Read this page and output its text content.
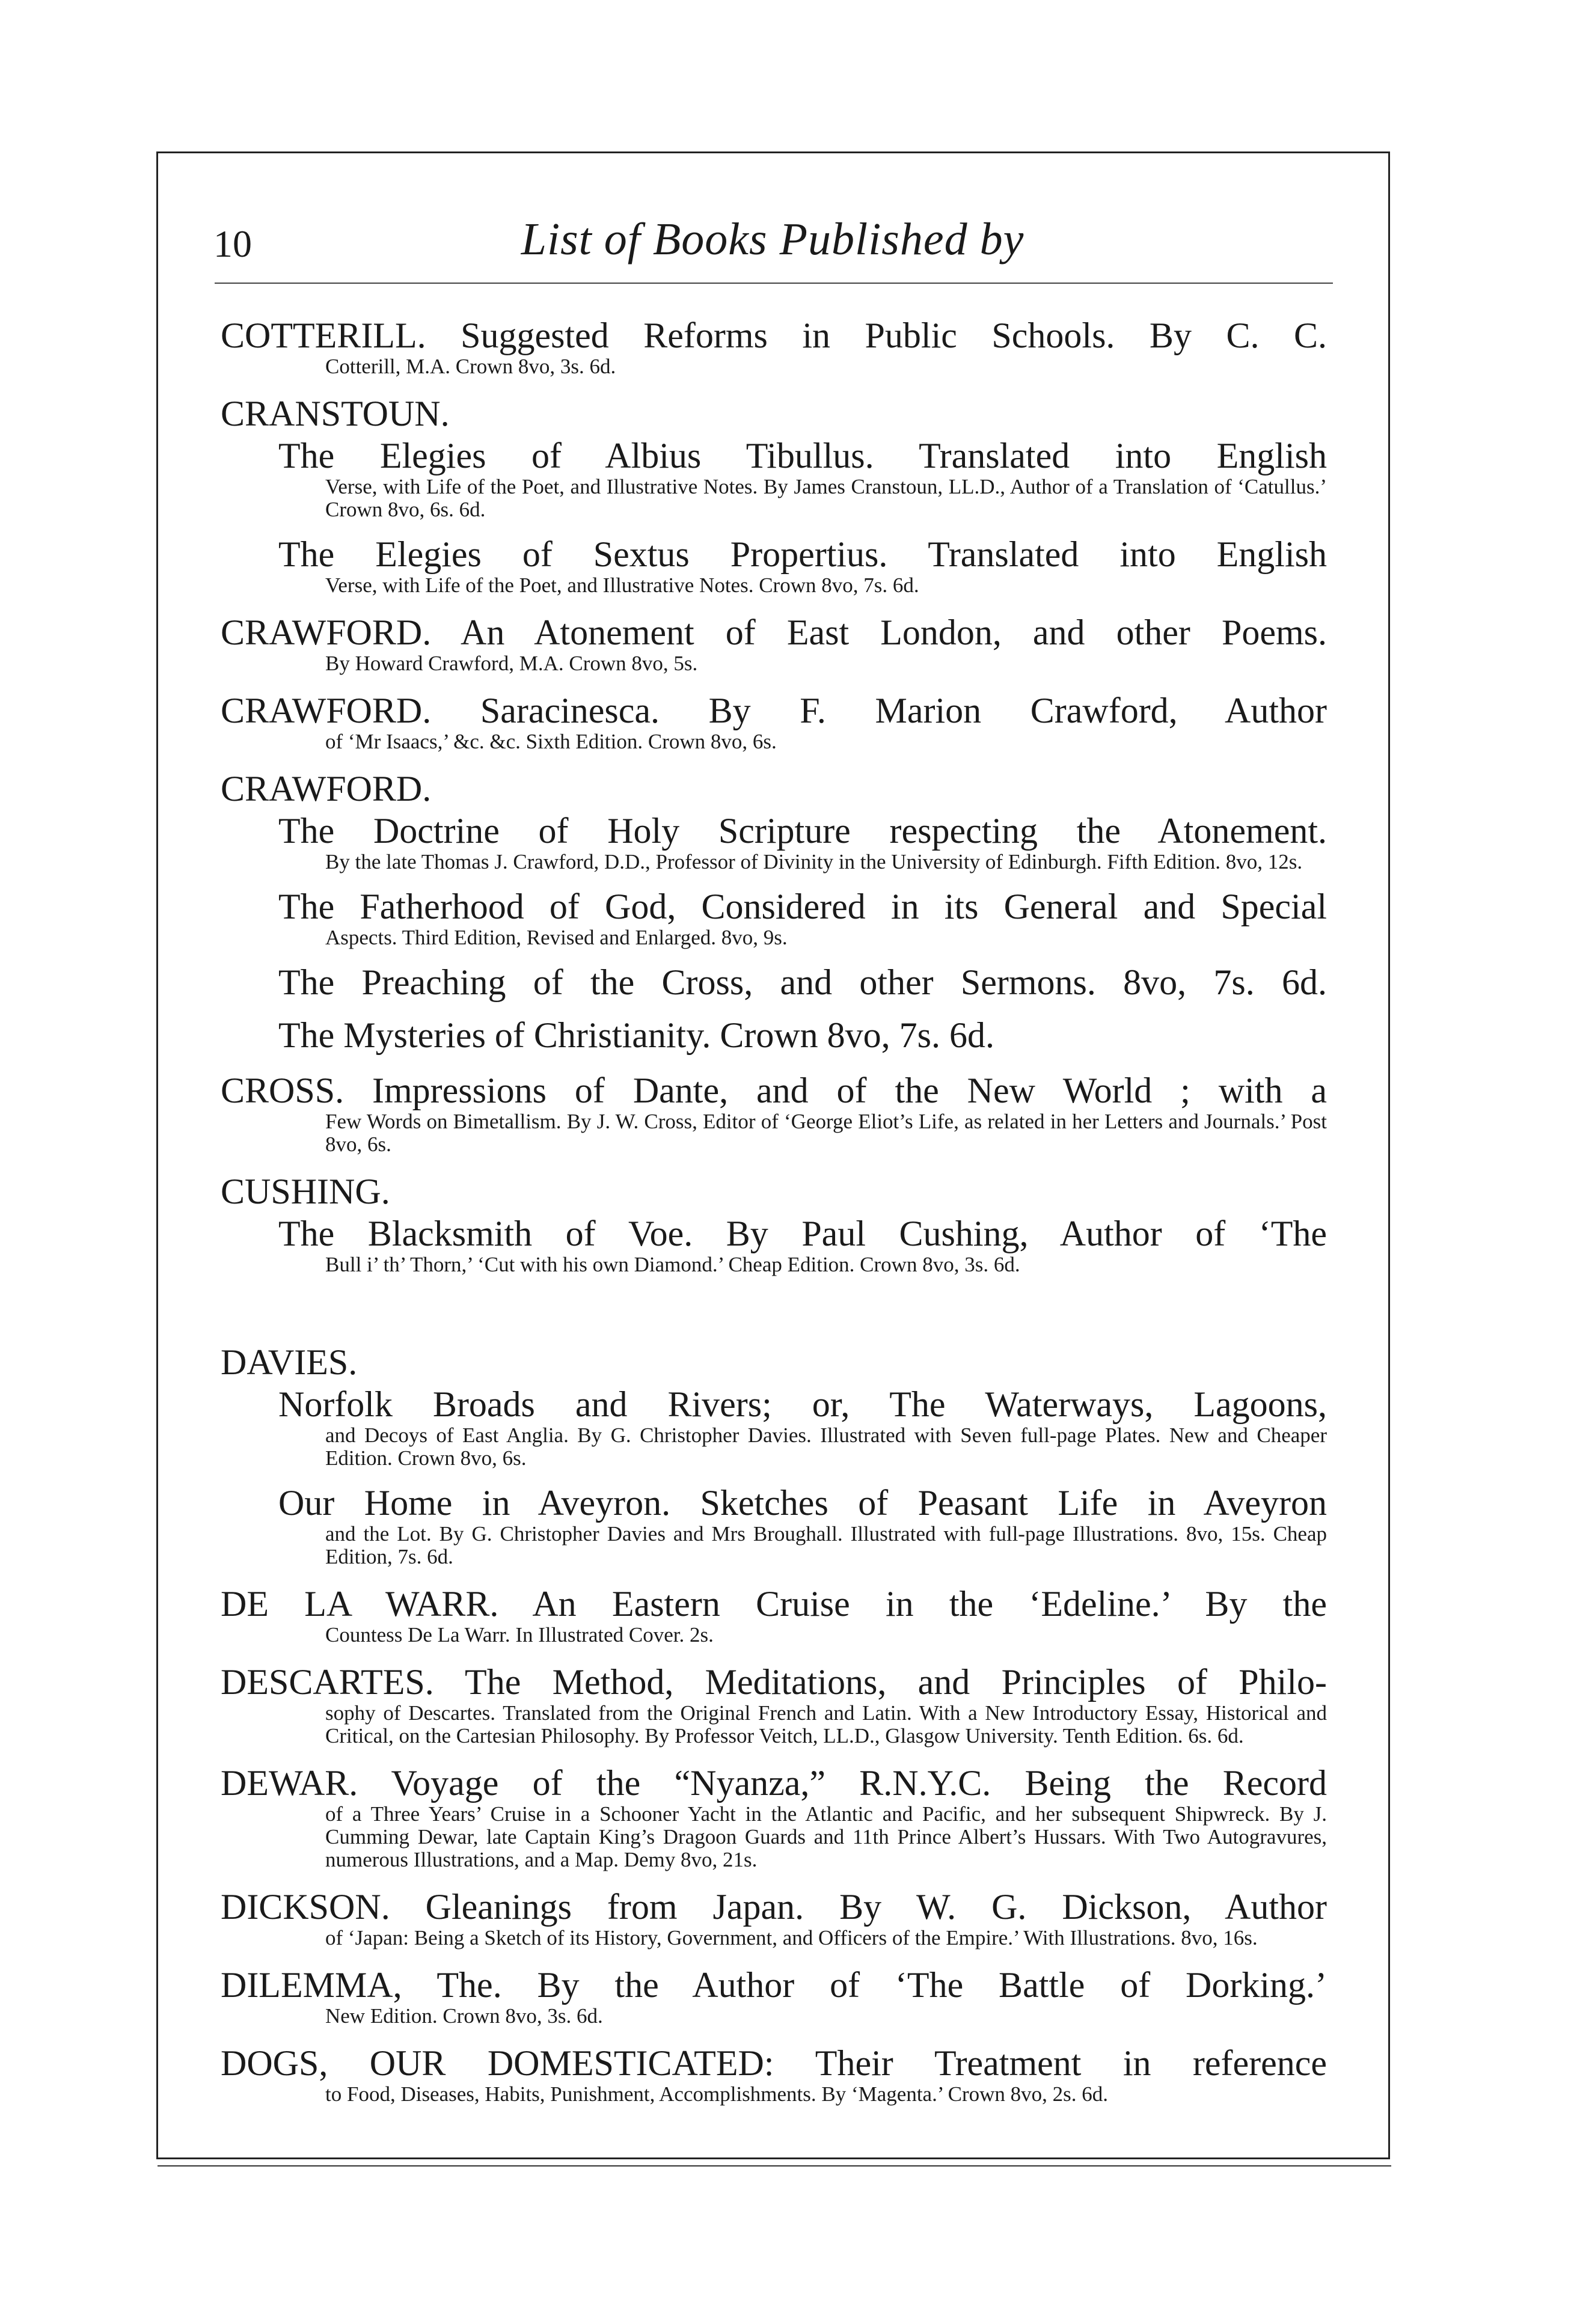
10	List of Books Published by
COTTERILL. Suggested Reforms in Public Schools. By C. C.
Cotterill, M.A. Crown 8vo, 3s. 6d.
CRANSTOUN.
The Elegies of Albius Tibullus. Translated into English
Verse, with Life of the Poet, and Illustrative Notes. By James Cranstoun, LL.D., Author of a Translation of ‘Catullus.’ Crown 8vo, 6s. 6d.
The Elegies of Sextus Propertius. Translated into English
Verse, with Life of the Poet, and Illustrative Notes. Crown 8vo, 7s. 6d.
CRAWFORD. An Atonement of East London, and other Poems.
By Howard Crawford, M.A. Crown 8vo, 5s.
CRAWFORD. Saracinesca. By F. Marion Crawford, Author
of ‘Mr Isaacs,’ &c. &c. Sixth Edition. Crown 8vo, 6s.
CRAWFORD.
The Doctrine of Holy Scripture respecting the Atonement.
By the late Thomas J. Crawford, D.D., Professor of Divinity in the University of Edinburgh. Fifth Edition. 8vo, 12s.
The Fatherhood of God, Considered in its General and Special
Aspects. Third Edition, Revised and Enlarged. 8vo, 9s.
The Preaching of the Cross, and other Sermons. 8vo, 7s. 6d.
The Mysteries of Christianity. Crown 8vo, 7s. 6d.
CROSS. Impressions of Dante, and of the New World ; with a
Few Words on Bimetallism. By J. W. Cross, Editor of ‘George Eliot’s Life, as related in her Letters and Journals.’ Post 8vo, 6s.
CUSHING.
The Blacksmith of Voe. By Paul Cushing, Author of ‘The
Bull i’ th’ Thorn,’ ‘Cut with his own Diamond.’ Cheap Edition. Crown 8vo, 3s. 6d.
DAVIES.
Norfolk Broads and Rivers; or, The Waterways, Lagoons,
and Decoys of East Anglia. By G. Christopher Davies. Illustrated with Seven full-page Plates. New and Cheaper Edition. Crown 8vo, 6s.
Our Home in Aveyron. Sketches of Peasant Life in Aveyron
and the Lot. By G. Christopher Davies and Mrs Broughall. Illustrated with full-page Illustrations. 8vo, 15s. Cheap Edition, 7s. 6d.
DE LA WARR. An Eastern Cruise in the ‘Edeline.’ By the
Countess De La Warr. In Illustrated Cover. 2s.
DESCARTES. The Method, Meditations, and Principles of Philo-
sophy of Descartes. Translated from the Original French and Latin. With a New Introductory Essay, Historical and Critical, on the Cartesian Philosophy. By Professor Veitch, LL.D., Glasgow University. Tenth Edition. 6s. 6d.
DEWAR. Voyage of the “Nyanza,” R.N.Y.C. Being the Record
of a Three Years’ Cruise in a Schooner Yacht in the Atlantic and Pacific, and her subsequent Shipwreck. By J. Cumming Dewar, late Captain King’s Dragoon Guards and 11th Prince Albert’s Hussars. With Two Autogravures, numerous Illustrations, and a Map. Demy 8vo, 21s.
DICKSON. Gleanings from Japan. By W. G. Dickson, Author
of ‘Japan: Being a Sketch of its History, Government, and Officers of the Empire.’ With Illustrations. 8vo, 16s.
DILEMMA, The. By the Author of ‘The Battle of Dorking.’
New Edition. Crown 8vo, 3s. 6d.
DOGS, OUR DOMESTICATED: Their Treatment in reference
to Food, Diseases, Habits, Punishment, Accomplishments. By ‘Magenta.’ Crown 8vo, 2s. 6d.
